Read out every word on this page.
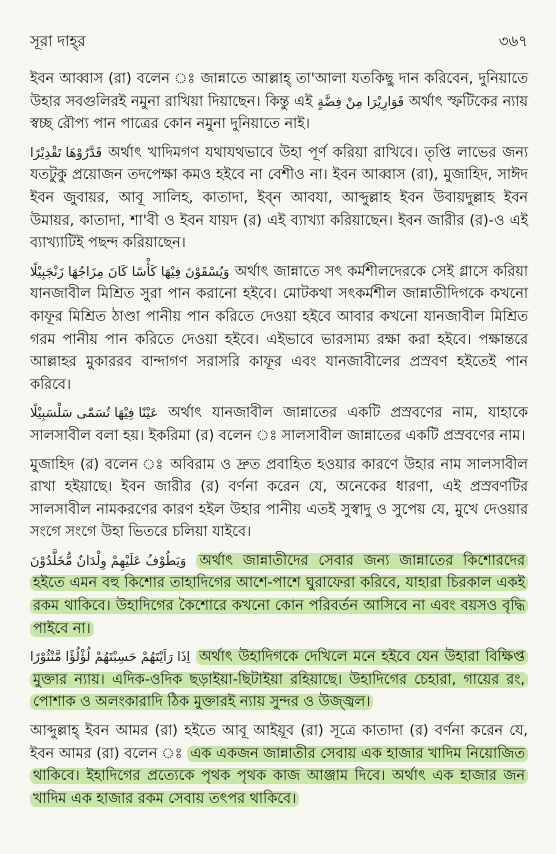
সূরা দাহ্‌র	৩৬৭

ইবন আব্বাস (রা) বলেন ঃ জান্নাতে আল্লাহ্ তা'আলা যতকিছু দান করিবেন, দুনিয়াতে উহার সবগুলিরই নমুনা রাখিয়া দিয়াছেন। কিন্তু এই قَوَارِيْرَا مِنْ فِضَّةٍ অর্থাৎ স্ফটিকের ন্যায় স্বচ্ছ রৌপ্য পান পাত্রের কোন নমুনা দুনিয়াতে নাই।

قَدَّرُوْهَا تَقْدِيْرًا অর্থাৎ খাদিমগণ যথাযথভাবে উহা পূর্ণ করিয়া রাখিবে। তৃপ্তি লাভের জন্য যতটুকু প্রয়োজন তদপেক্ষা কমও হইবে না বেশীও না। ইবন আব্বাস (রা), মুজাহিদ, সাঈদ ইবন জুবায়র, আবূ সালিহ, কাতাদা, ইব্ন আবযা, আব্দুল্লাহ ইবন উবায়দুল্লাহ ইবন উমায়র, কাতাদা, শা'বী ও ইবন যায়দ (র) এই ব্যাখ্যা করিয়াছেন। ইবন জারীর (র)-ও এই ব্যাখ্যাটিই পছন্দ করিয়াছেন।

وَيُسْقَوْنَ فِيْهَا كَأْسًا كَانَ مِزَاجُهَا زَنْجَبِيْلًا অর্থাৎ জান্নাতে সৎ কর্মশীলদেরকে সেই গ্লাসে করিয়া যানজাবীল মিশ্রিত সুরা পান করানো হইবে। মোটকথা সৎকর্মশীল জান্নাতীদিগকে কখনো কাফূর মিশ্রিত ঠাণ্ডা পানীয় পান করিতে দেওয়া হইবে আবার কখনো যানজাবীল মিশ্রিত গরম পানীয় পান করিতে দেওয়া হইবে। এইভাবে ভারসাম্য রক্ষা করা হইবে। পক্ষান্তরে আল্লাহর মুকাররব বান্দাগণ সরাসরি কাফূর এবং যানজাবীলের প্রস্রবণ হইতেই পান করিবে।

عَيْنًا فِيْهَا تُسَمّٰى سَلْسَبِيْلًا অর্থাৎ যানজাবীল জান্নাতের একটি প্রস্রবণের নাম, যাহাকে সালসাবীল বলা হয়। ইকরিমা (র) বলেন ঃ সালসাবীল জান্নাতের একটি প্রস্রবণের নাম।

মুজাহিদ (র) বলেন ঃ অবিরাম ও দ্রুত প্রবাহিত হওয়ার কারণে উহার নাম সালসাবীল রাখা হইয়াছে। ইবন জারীর (র) বর্ণনা করেন যে, অনেকের ধারণা, এই প্রস্রবণটির সালসাবীল নামকরণের কারণ হইল উহার পানীয় এতই সুস্বাদু ও সুপেয় যে, মুখে দেওয়ার সংগে সংগে উহা ভিতরে চলিয়া যাইবে।

وَيَطُوْفُ عَلَيْهِمْ وِلْدَانٌ مُّخَلَّدُوْنَ অর্থাৎ জান্নাতীদের সেবার জন্য জান্নাতের কিশোরদের হইতে এমন বহু কিশোর তাহাদিগের আশে-পাশে ঘুরাফেরা করিবে, যাহারা চিরকাল একই রকম থাকিবে। উহাদিগের কৈশোরে কখনো কোন পরিবর্তন আসিবে না এবং বয়সও বৃদ্ধি পাইবে না।

اِذَا رَاَيْتَهُمْ حَسِبْتَهُمْ لُؤْلُؤًا مَّنْثُوْرًا অর্থাৎ উহাদিগকে দেখিলে মনে হইবে যেন উহারা বিক্ষিপ্ত মুক্তার ন্যায়। এদিক-ওদিক ছড়াইয়া-ছিটাইয়া রহিয়াছে। উহাদিগের চেহারা, গায়ের রং, পোশাক ও অলংকারাদি ঠিক মুক্তারই ন্যায় সুন্দর ও উজ্জ্বল।

আব্দুল্লাহ্ ইবন আমর (রা) হইতে আবূ আইয়ূব (রা) সূত্রে কাতাদা (র) বর্ণনা করেন যে, ইবন আমর (রা) বলেন ঃ এক একজন জান্নাতীর সেবায় এক হাজার খাদিম নিয়োজিত থাকিবে। ইহাদিগের প্রত্যেকে পৃথক পৃথক কাজ আঞ্জাম দিবে। অর্থাৎ এক হাজার জন খাদিম এক হাজার রকম সেবায় তৎপর থাকিবে।
